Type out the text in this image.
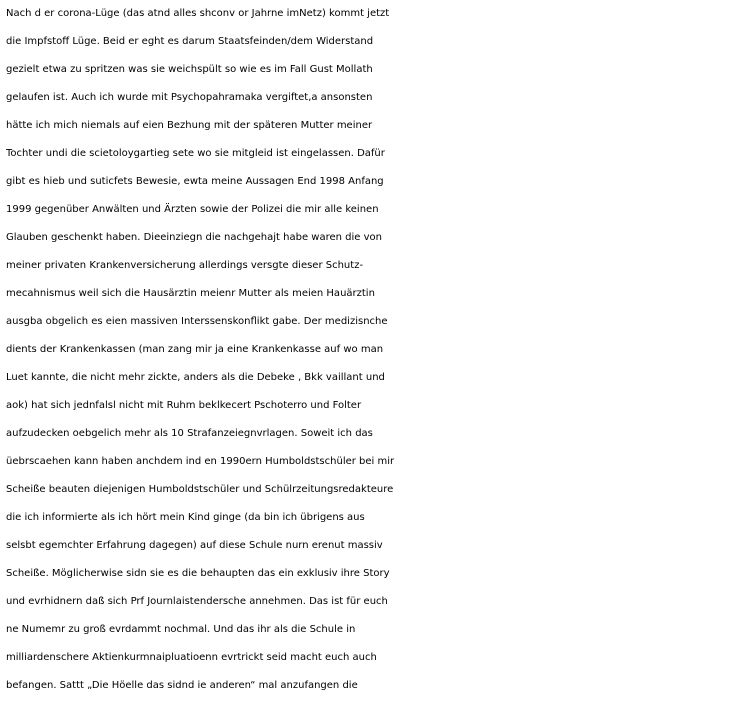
Nach d er corona-Lüge (das atnd alles shconv or Jahrne imNetz) kommt jetzt
die Impfstoff Lüge. Beid er eght es darum Staatsfeinden/dem Widerstand
gezielt etwa zu spritzen was sie weichspült so wie es im Fall Gust Mollath
gelaufen ist. Auch ich wurde mit Psychopahramaka vergiftet,a ansonsten
hätte ich mich niemals auf eien Bezhung mit der späteren Mutter meiner
Tochter undi die scietoloygartieg sete wo sie mitgleid ist eingelassen. Dafür
gibt es hieb und suticfets Bewesie, ewta meine Aussagen End 1998 Anfang
1999 gegenüber Anwälten und Ärzten sowie der Polizei die mir alle keinen
Glauben geschenkt haben. Dieeinziegn die nachgehajt habe waren die von
meiner privaten Krankenversicherung allerdings versgte dieser Schutz-
mecahnismus weil sich die Hausärztin meienr Mutter als meien Hauärztin
ausgba obgelich es eien massiven Interssenskonflikt gabe. Der medizisnche
dients der Krankenkassen (man zang mir ja eine Krankenkasse auf wo man
Luet kannte, die nicht mehr zickte, anders als die Debeke , Bkk vaillant und
aok) hat sich jednfalsl nicht mit Ruhm beklkecert Pschoterro und Folter
aufzudecken oebgelich mehr als 10 Strafanzeiegnvrlagen. Soweit ich das
üebrscaehen kann haben anchdem ind en 1990ern Humboldstschüler bei mir
Scheiße beauten diejenigen Humboldstschüler und Schülrzeitungsredakteure
die ich informierte als ich hört mein Kind ginge (da bin ich übrigens aus
selsbt egemchter Erfahrung dagegen) auf diese Schule nurn erenut massiv
Scheiße. Möglicherwise sidn sie es die behaupten das ein exklusiv ihre Story
und evrhidnern daß sich Prf Journlaistendersche annehmen. Das ist für euch
ne Numemr zu groß evrdammt nochmal. Und das ihr als die Schule in
milliardenschere Aktienkurmnaipluatioenn evrtrickt seid macht euch auch
befangen. Sattt „Die Höelle das sidnd ie anderen“ mal anzufangen die
